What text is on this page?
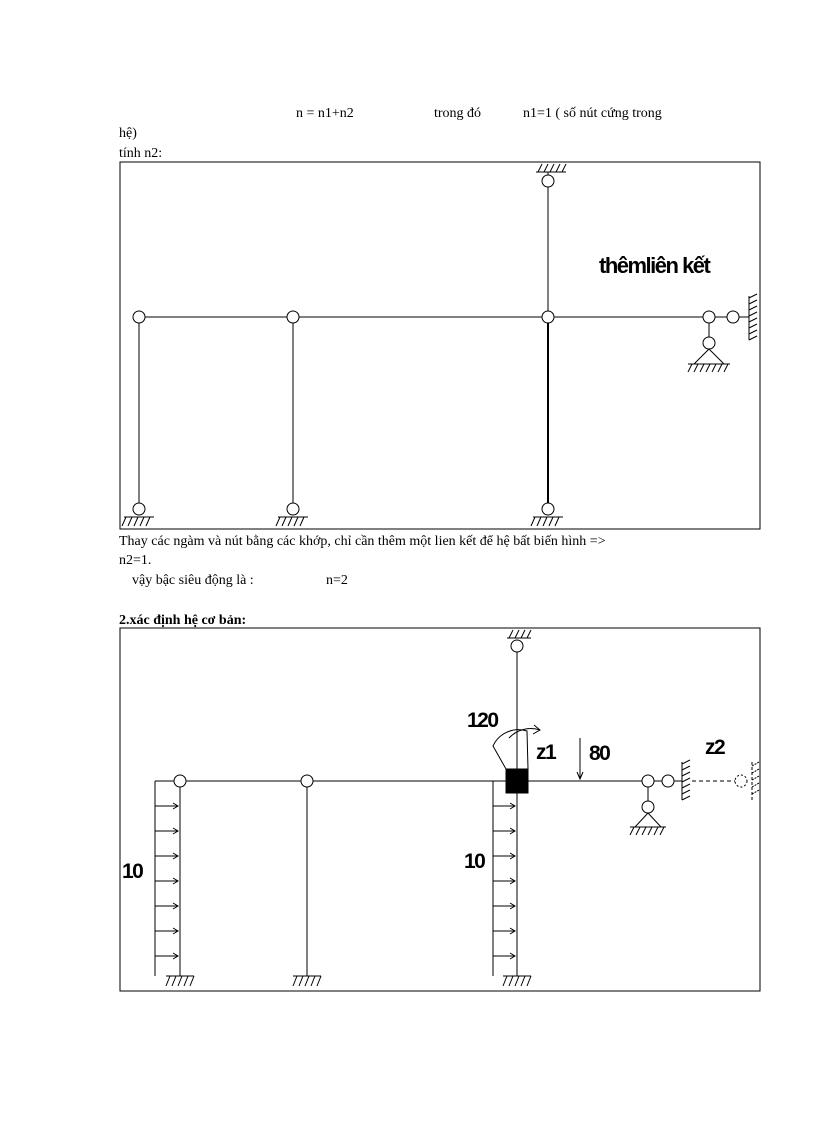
n = n1+n2	trong đó	n1=1 ( số nút cứng trong
hệ)
tính n2:
thêmliên kết
Thay các ngàm và nút bằng các khớp, chỉ cần thêm một lien kết để hệ bất biến hình =>
n2=1.
vậy bậc siêu động là :	n=2
2.xác định hệ cơ bản:
120
z1 80	z2
10	10
